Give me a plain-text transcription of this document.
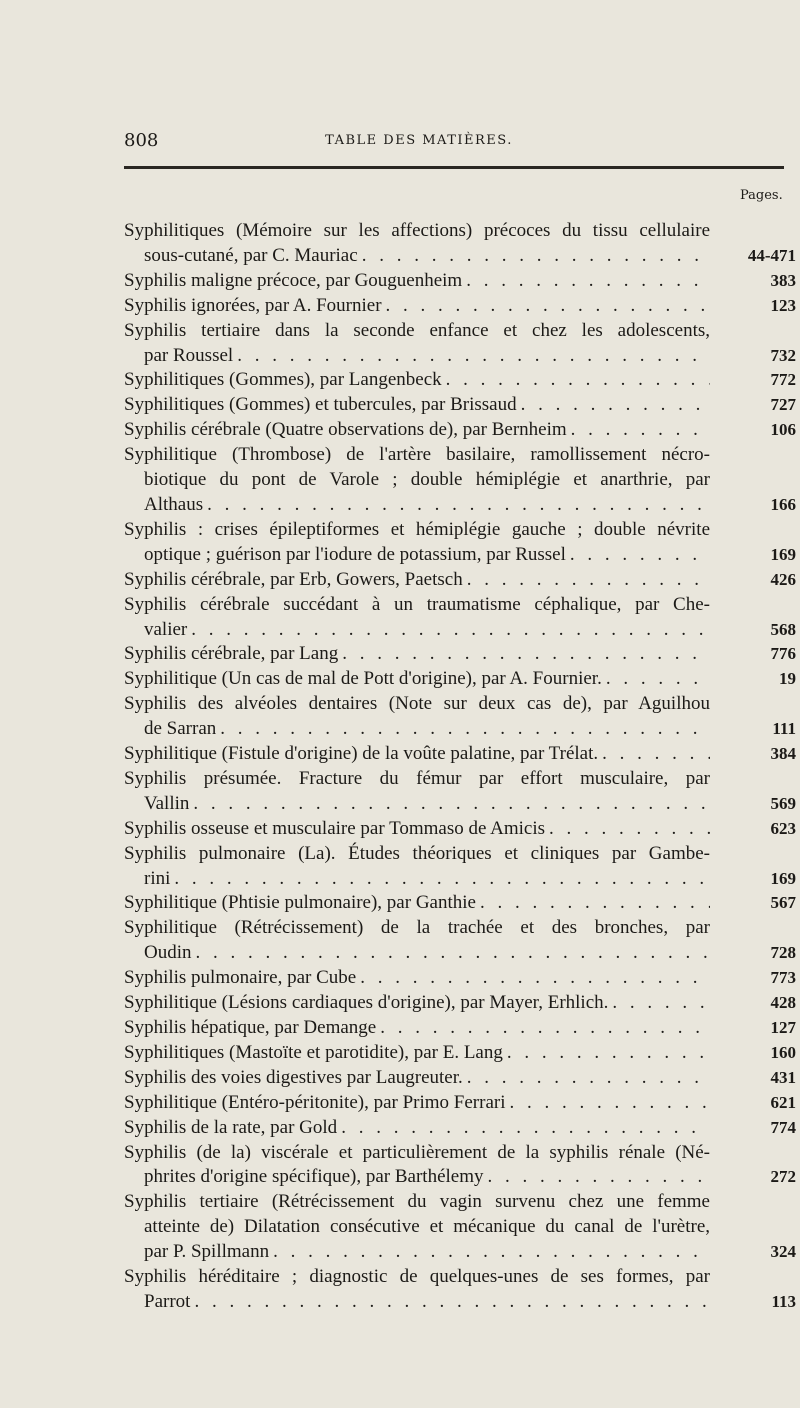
808	TABLE DES MATIÈRES.
Pages.
Syphilitiques (Mémoire sur les affections) précoces du tissu cellulaire
sous-cutané, par C. Mauriac . . .	44-471
Syphilis maligne précoce, par Gouguenheim . . .	383
Syphilis ignorées, par A. Fournier . . .	123
Syphilis tertiaire dans la seconde enfance et chez les adolescents,
par Roussel . . .	732
Syphilitiques (Gommes), par Langenbeck . . .	772
Syphilitiques (Gommes) et tubercules, par Brissaud . . .	727
Syphilis cérébrale (Quatre observations de), par Bernheim . . .	106
Syphilitique (Thrombose) de l'artère basilaire, ramollissement nécro-
biotique du pont de Varole ; double hémiplégie et anarthrie, par
Althaus . . .	166
Syphilis : crises épileptiformes et hémiplégie gauche ; double névrite
optique ; guérison par l'iodure de potassium, par Russel . . .	169
Syphilis cérébrale, par Erb, Gowers, Paetsch . . .	426
Syphilis cérébrale succédant à un traumatisme céphalique, par Che-
valier . . .	568
Syphilis cérébrale, par Lang . . .	776
Syphilitique (Un cas de mal de Pott d'origine), par A. Fournier. . . .	19
Syphilis des alvéoles dentaires (Note sur deux cas de), par Aguilhou
de Sarran . . .	111
Syphilitique (Fistule d'origine) de la voûte palatine, par Trélat. . . .	384
Syphilis présumée. Fracture du fémur par effort musculaire, par
Vallin . . .	569
Syphilis osseuse et musculaire par Tommaso de Amicis . . .	623
Syphilis pulmonaire (La). Études théoriques et cliniques par Gambe-
rini . . .	169
Syphilitique (Phtisie pulmonaire), par Ganthie . . .	567
Syphilitique (Rétrécissement) de la trachée et des bronches, par
Oudin . . .	728
Syphilis pulmonaire, par Cube . . .	773
Syphilitique (Lésions cardiaques d'origine), par Mayer, Erhlich. . . .	428
Syphilis hépatique, par Demange . . .	127
Syphilitiques (Mastoïte et parotidite), par E. Lang . . .	160
Syphilis des voies digestives par Laugreuter. . . .	431
Syphilitique (Entéro-péritonite), par Primo Ferrari . . .	621
Syphilis de la rate, par Gold . . .	774
Syphilis (de la) viscérale et particulièrement de la syphilis rénale (Né-
phrites d'origine spécifique), par Barthélemy . . .	272
Syphilis tertiaire (Rétrécissement du vagin survenu chez une femme
atteinte de) Dilatation consécutive et mécanique du canal de l'urètre,
par P. Spillmann . . .	324
Syphilis héréditaire ; diagnostic de quelques-unes de ses formes, par
Parrot . . .	113
